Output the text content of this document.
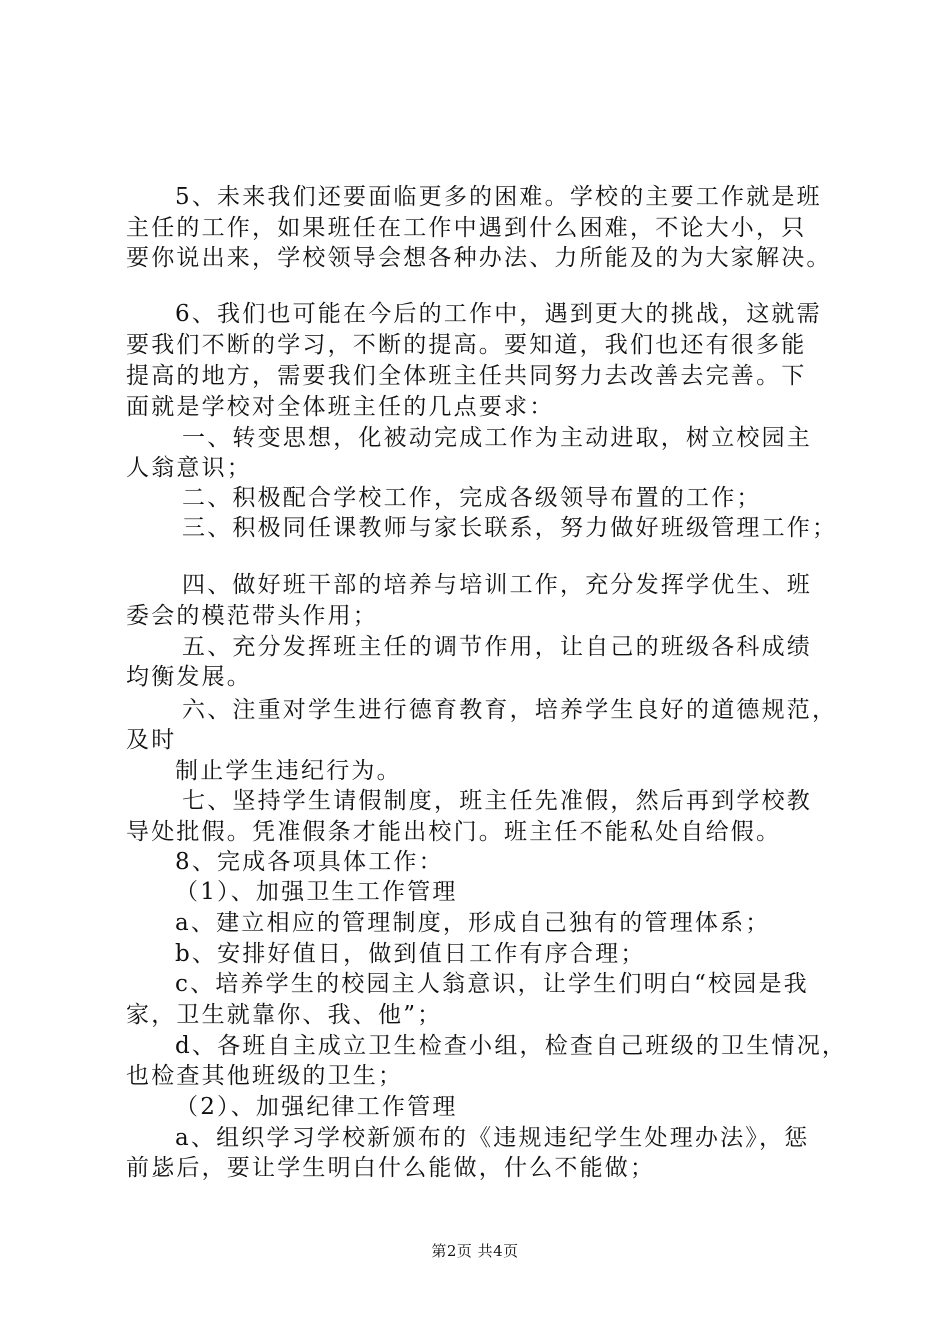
5、未来我们还要面临更多的困难。学校的主要工作就是班
主任的工作，如果班任在工作中遇到什么困难，不论大小，只
要你说出来，学校领导会想各种办法、力所能及的为大家解决。
6、我们也可能在今后的工作中，遇到更大的挑战，这就需
要我们不断的学习，不断的提高。要知道，我们也还有很多能
提高的地方，需要我们全体班主任共同努力去改善去完善。下
面就是学校对全体班主任的几点要求：
一、转变思想，化被动完成工作为主动进取，树立校园主
人翁意识；
二、积极配合学校工作，完成各级领导布置的工作；
三、积极同任课教师与家长联系，努力做好班级管理工作；
四、做好班干部的培养与培训工作，充分发挥学优生、班
委会的模范带头作用；
五、充分发挥班主任的调节作用，让自己的班级各科成绩
均衡发展。
六、注重对学生进行德育教育，培养学生良好的道德规范，
及时
制止学生违纪行为。
七、坚持学生请假制度，班主任先准假，然后再到学校教
导处批假。凭准假条才能出校门。班主任不能私处自给假。
8、完成各项具体工作：
（1）、加强卫生工作管理
a、建立相应的管理制度，形成自己独有的管理体系；
b、安排好值日，做到值日工作有序合理；
c、培养学生的校园主人翁意识，让学生们明白“校园是我
家，卫生就靠你、我、他”；
d、各班自主成立卫生检查小组，检查自己班级的卫生情况，
也检查其他班级的卫生；
（2）、加强纪律工作管理
a、组织学习学校新颁布的《违规违纪学生处理办法》，惩
前毖后，要让学生明白什么能做，什么不能做；
第2页 共4页
